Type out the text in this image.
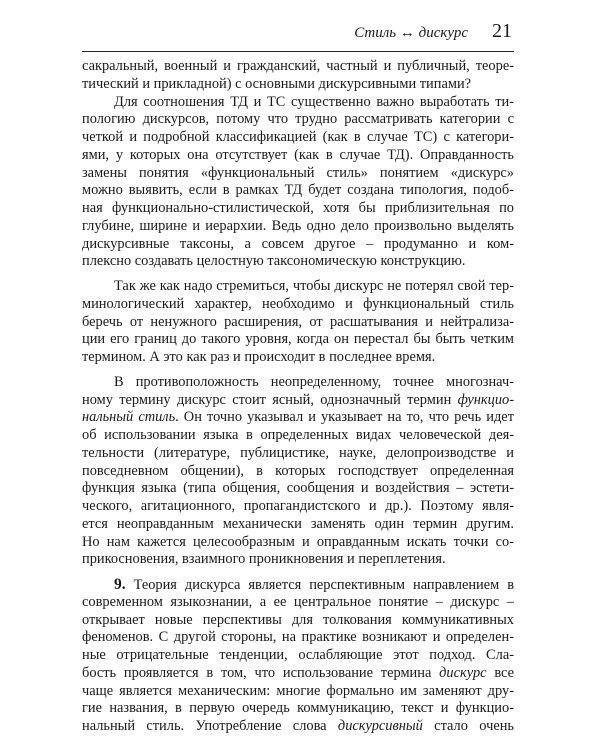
Стиль ↔ дискурс 21
сакральный, военный и гражданский, частный и публичный, теоре-
тический и прикладной) с основными дискурсивными типами?
Для соотношения ТД и ТС существенно важно выработать ти-
пологию дискурсов, потому что трудно рассматривать категории с
четкой и подробной классификацией (как в случае ТС) с категори-
ями, у которых она отсутствует (как в случае ТД). Оправданность
замены понятия «функциональный стиль» понятием «дискурс»
можно выявить, если в рамках ТД будет создана типология, подоб-
ная функционально-стилистической, хотя бы приблизительная по
глубине, ширине и иерархии. Ведь одно дело произвольно выделять
дискурсивные таксоны, а совсем другое – продуманно и ком-
плексно создавать целостную таксономическую конструкцию.
Так же как надо стремиться, чтобы дискурс не потерял свой тер-
минологический характер, необходимо и функциональный стиль
беречь от ненужного расширения, от расшатывания и нейтрализа-
ции его границ до такого уровня, когда он перестал бы быть четким
термином. А это как раз и происходит в последнее время.
В противоположность неопределенному, точнее многознач-
ному термину дискурс стоит ясный, однозначный термин функцио-
нальный стиль. Он точно указывал и указывает на то, что речь идет
об использовании языка в определенных видах человеческой дея-
тельности (литературе, публицистике, науке, делопроизводстве и
повседневном общении), в которых господствует определенная
функция языка (типа общения, сообщения и воздействия – эстети-
ческого, агитационного, пропагандистского и др.). Поэтому явля-
ется неоправданным механически заменять один термин другим.
Но нам кажется целесообразным и оправданным искать точки со-
прикосновения, взаимного проникновения и переплетения.
9. Теория дискурса является перспективным направлением в
современном языкознании, а ее центральное понятие – дискурс –
открывает новые перспективы для толкования коммуникативных
феноменов. С другой стороны, на практике возникают и определен-
ные отрицательные тенденции, ослабляющие этот подход. Сла-
бость проявляется в том, что использование термина дискурс все
чаще является механическим: многие формально им заменяют дру-
гие названия, в первую очередь коммуникацию, текст и функцио-
нальный стиль. Употребление слова дискурсивный стало очень
